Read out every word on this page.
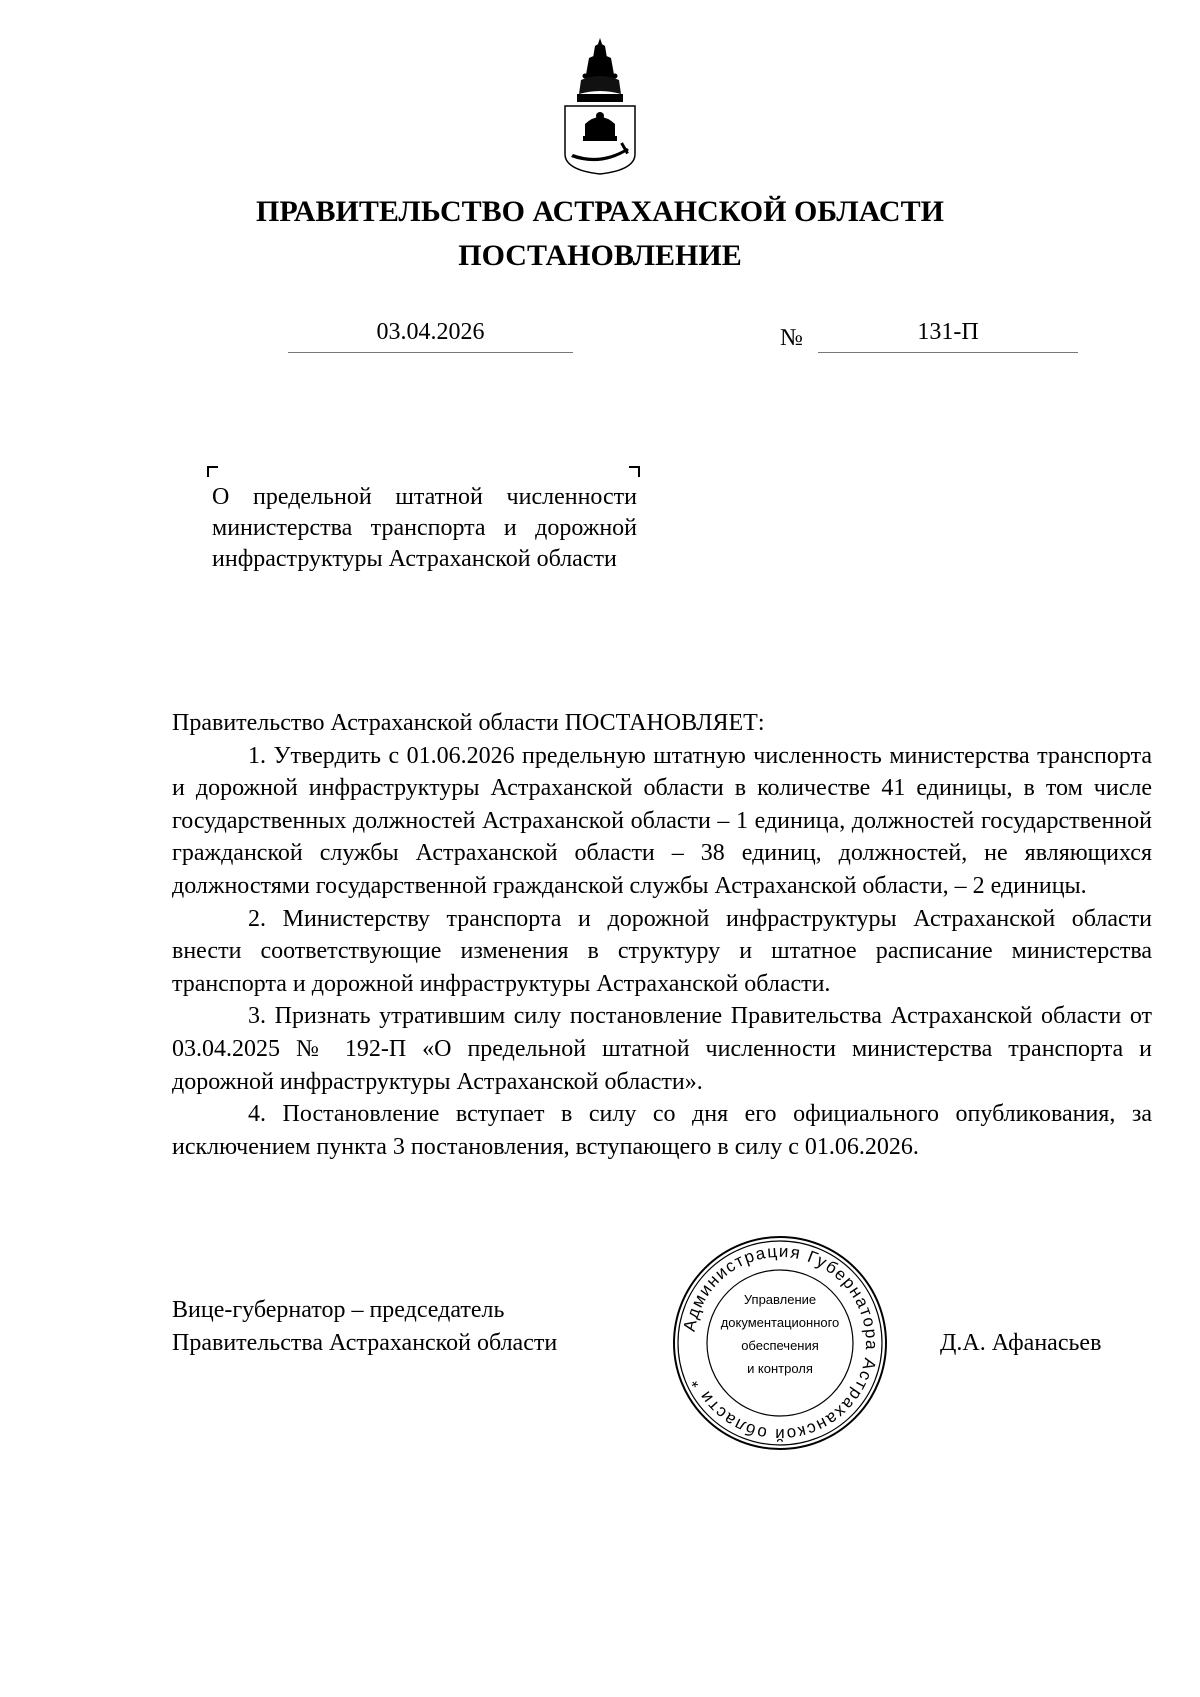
ПРАВИТЕЛЬСТВО АСТРАХАНСКОЙ ОБЛАСТИ
ПОСТАНОВЛЕНИЕ
03.04.2026	№	131-П

О предельной штатной численности министерства транспорта и дорожной инфраструктуры Астраханской области

Правительство Астраханской области ПОСТАНОВЛЯЕТ:

1. Утвердить с 01.06.2026 предельную штатную численность министерства транспорта и дорожной инфраструктуры Астраханской области в количестве 41 единицы, в том числе государственных должностей Астраханской области – 1 единица, должностей государственной гражданской службы Астраханской области – 38 единиц, должностей, не являющихся должностями государственной гражданской службы Астраханской области, – 2 единицы.

2. Министерству транспорта и дорожной инфраструктуры Астраханской области внести соответствующие изменения в структуру и штатное расписание министерства транспорта и дорожной инфраструктуры Астраханской области.

3. Признать утратившим силу постановление Правительства Астраханской области от 03.04.2025 № 192-П «О предельной штатной численности министерства транспорта и дорожной инфраструктуры Астраханской области».

4. Постановление вступает в силу со дня его официального опубликования, за исключением пункта 3 постановления, вступающего в силу с 01.06.2026.

Вице-губернатор – председатель
Правительства Астраханской области	Д.А. Афанасьев
Администрация Губернатора Астраханской области *
Управление
документационного
обеспечения
и контроля
